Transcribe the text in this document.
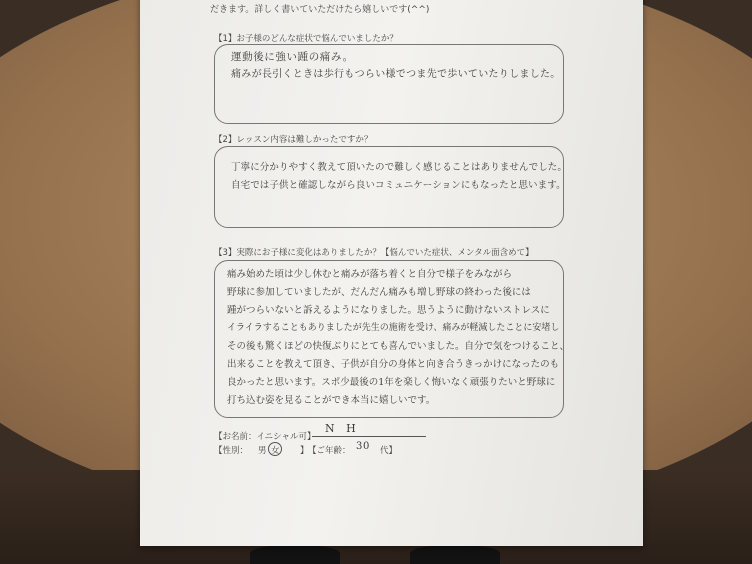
だきます。詳しく書いていただけたら嬉しいです(^^)
【1】お子様のどんな症状で悩んでいましたか？
運動後に強い踵の痛み。
痛みが長引くときは歩行もつらい様でつま先で歩いていたりしました。
【2】レッスン内容は難しかったですか？
丁寧に分かりやすく教えて頂いたので難しく感じることはありませんでした。
自宅では子供と確認しながら良いコミュニケーションにもなったと思います。
【3】実際にお子様に変化はありましたか？【悩んでいた症状、メンタル面含めて】
痛み始めた頃は少し休むと痛みが落ち着くと自分で様子をみながら
野球に参加していましたが、だんだん痛みも増し野球の終わった後には
踵がつらいないと訴えるようになりました。思うように動けないストレスに
イライラすることもありましたが先生の施術を受け、痛みが軽減したことに安堵し
その後も驚くほどの快復ぶりにとても喜んでいました。自分で気をつけること、
出来ることを教えて頂き、子供が自分の身体と向き合うきっかけになったのも
良かったと思います。スポ少最後の1年を楽しく悔いなく頑張りたいと野球に
打ち込む姿を見ることができ本当に嬉しいです。
【お名前：イニシャル可】
N H
【性別： 男 女 】 【ご年齢： 30 代】
